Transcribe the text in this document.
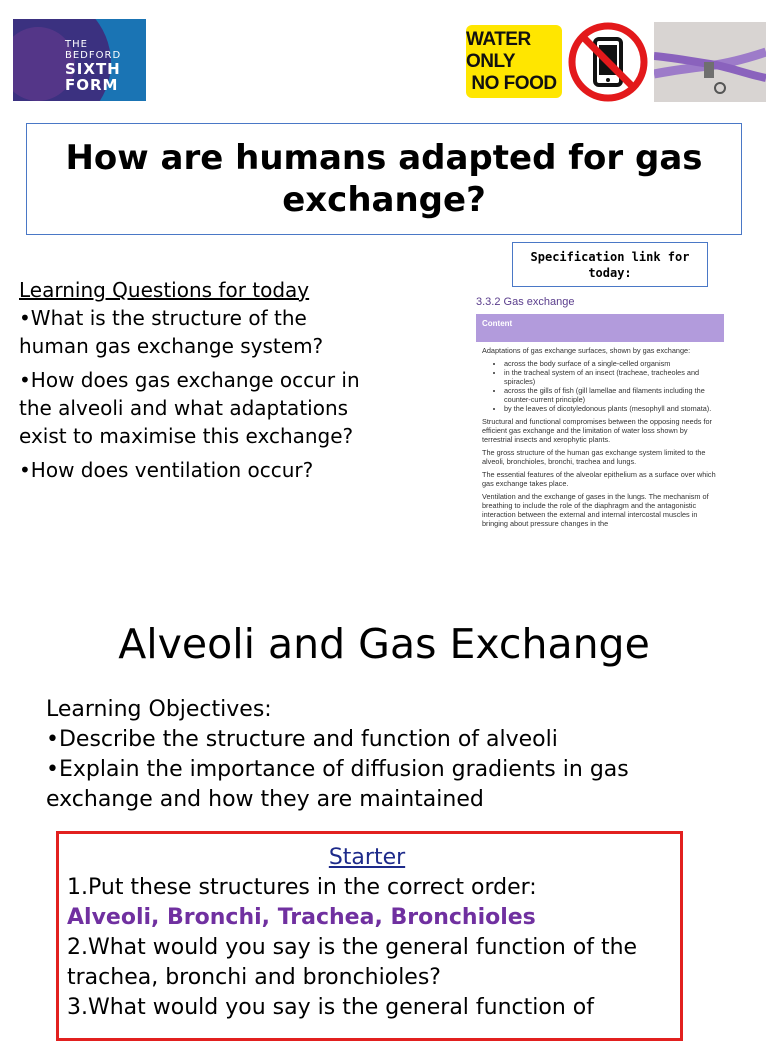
THE
BEDFORD
SIXTH
FORM
WATER ONLY
NO FOOD
How are humans adapted for gas
exchange?
Specification link for
today:
Learning Questions for today

•What is the structure of the human gas exchange system?

•How does gas exchange occur in the alveoli and what adaptations exist to maximise this exchange?

•How does ventilation occur?

3.3.2 Gas exchange
Content

Adaptations of gas exchange surfaces, shown by gas exchange:

• across the body surface of a single-celled organism
• in the tracheal system of an insect (tracheae, tracheoles and spiracles)
• across the gills of fish (gill lamellae and filaments including the counter-current principle)
• by the leaves of dicotyledonous plants (mesophyll and stomata).

Structural and functional compromises between the opposing needs for efficient gas exchange and the limitation of water loss shown by terrestrial insects and xerophytic plants.

The gross structure of the human gas exchange system limited to the alveoli, bronchioles, bronchi, trachea and lungs.

The essential features of the alveolar epithelium as a surface over which gas exchange takes place.

Ventilation and the exchange of gases in the lungs. The mechanism of breathing to include the role of the diaphragm and the antagonistic interaction between the external and internal intercostal muscles in bringing about pressure changes in the

Alveoli and Gas Exchange
Learning Objectives:
•Describe the structure and function of alveoli
•Explain the importance of diffusion gradients in gas exchange and how they are maintained
Starter
1.Put these structures in the correct order:
Alveoli, Bronchi, Trachea, Bronchioles
2.What would you say is the general function of the trachea, bronchi and bronchioles?
3.What would you say is the general function of
